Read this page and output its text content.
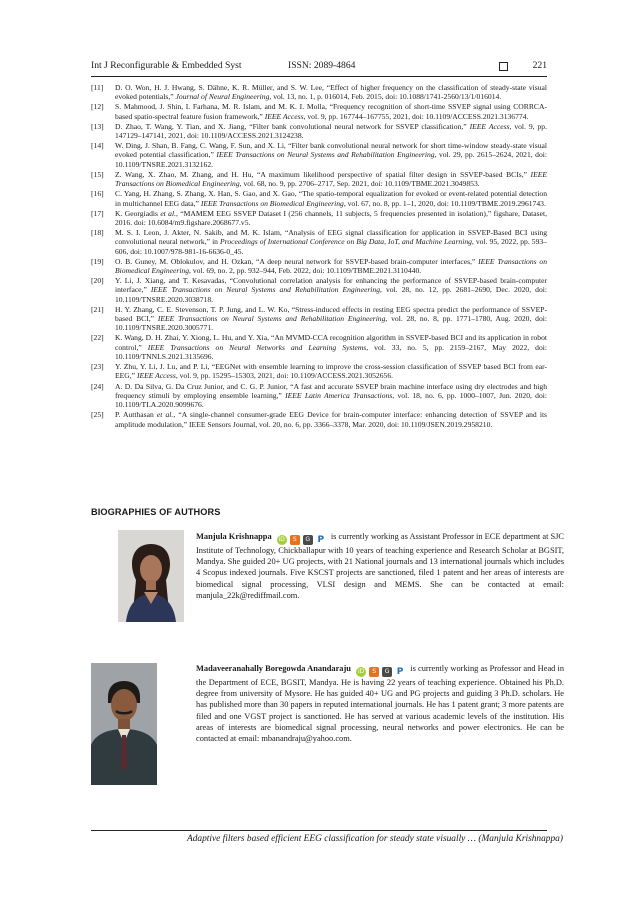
Int J Reconfigurable & Embedded Syst	ISSN: 2089-4864	221
[11] D. O. Won, H. J. Hwang, S. Dähne, K. R. Müller, and S. W. Lee, “Effect of higher frequency on the classification of steady-state visual evoked potentials,” Journal of Neural Engineering, vol. 13, no. 1, p. 016014, Feb. 2015, doi: 10.1088/1741-2560/13/1/016014.
[12] S. Mahmood, J. Shin, I. Farhana, M. R. Islam, and M. K. I. Molla, “Frequency recognition of short-time SSVEP signal using CORRCA-based spatio-spectral feature fusion framework,” IEEE Access, vol. 9, pp. 167744–167755, 2021, doi: 10.1109/ACCESS.2021.3136774.
[13] D. Zhao, T. Wang, Y. Tian, and X. Jiang, “Filter bank convolutional neural network for SSVEP classification,” IEEE Access, vol. 9, pp. 147129–147141, 2021, doi: 10.1109/ACCESS.2021.3124238.
[14] W. Ding, J. Shan, B. Fang, C. Wang, F. Sun, and X. Li, “Filter bank convolutional neural network for short time-window steady-state visual evoked potential classification,” IEEE Transactions on Neural Systems and Rehabilitation Engineering, vol. 29, pp. 2615–2624, 2021, doi: 10.1109/TNSRE.2021.3132162.
[15] Z. Wang, X. Zhao, M. Zhang, and H. Hu, “A maximum likelihood perspective of spatial filter design in SSVEP-based BCIs,” IEEE Transactions on Biomedical Engineering, vol. 68, no. 9, pp. 2706–2717, Sep. 2021, doi: 10.1109/TBME.2021.3049853.
[16] C. Yang, H. Zhang, S. Zhang, X. Han, S. Gao, and X. Gao, “The spatio-temporal equalization for evoked or event-related potential detection in multichannel EEG data,” IEEE Transactions on Biomedical Engineering, vol. 67, no. 8, pp. 1–1, 2020, doi: 10.1109/TBME.2019.2961743.
[17] K. Georgiadis et al., “MAMEM EEG SSVEP Dataset I (256 channels, 11 subjects, 5 frequencies presented in isolation),” figshare, Dataset, 2016. doi: 10.6084/m9.figshare.2068677.v5.
[18] M. S. I. Leon, J. Akter, N. Sakib, and M. K. Islam, “Analysis of EEG signal classification for application in SSVEP-Based BCI using convolutional neural network,” in Proceedings of International Conference on Big Data, IoT, and Machine Learning, vol. 95, 2022, pp. 593–606, doi: 10.1007/978-981-16-6636-0_45.
[19] O. B. Guney, M. Oblokulov, and H. Ozkan, “A deep neural network for SSVEP-based brain-computer interfaces,” IEEE Transactions on Biomedical Engineering, vol. 69, no. 2, pp. 932–944, Feb. 2022, doi: 10.1109/TBME.2021.3110440.
[20] Y. Li, J. Xiang, and T. Kesavadas, “Convolutional correlation analysis for enhancing the performance of SSVEP-based brain-computer interface,” IEEE Transactions on Neural Systems and Rehabilitation Engineering, vol. 28, no. 12, pp. 2681–2690, Dec. 2020, doi: 10.1109/TNSRE.2020.3038718.
[21] H. Y. Zhang, C. E. Stevenson, T. P. Jung, and L. W. Ko, “Stress-induced effects in resting EEG spectra predict the performance of SSVEP-based BCI,” IEEE Transactions on Neural Systems and Rehabilitation Engineering, vol. 28, no. 8, pp. 1771–1780, Aug. 2020, doi: 10.1109/TNSRE.2020.3005771.
[22] K. Wang, D. H. Zhai, Y. Xiong, L. Hu, and Y. Xia, “An MVMD-CCA recognition algorithm in SSVEP-based BCI and its application in robot control,” IEEE Transactions on Neural Networks and Learning Systems, vol. 33, no. 5, pp. 2159–2167, May 2022, doi: 10.1109/TNNLS.2021.3135696.
[23] Y. Zhu, Y. Li, J. Lu, and P. Li, “EEGNet with ensemble learning to improve the cross-session classification of SSVEP based BCI from ear-EEG,” IEEE Access, vol. 9, pp. 15295–15303, 2021, doi: 10.1109/ACCESS.2021.3052656.
[24] A. D. Da Silva, G. Da Cruz Junior, and C. G. P. Junior, “A fast and accurate SSVEP brain machine interface using dry electrodes and high frequency stimuli by employing ensemble learning,” IEEE Latin America Transactions, vol. 18, no. 6, pp. 1000–1007, Jun. 2020, doi: 10.1109/TLA.2020.9099676.
[25] P. Autthasan et al., “A single-channel consumer-grade EEG Device for brain-computer interface: enhancing detection of SSVEP and its amplitude modulation,” IEEE Sensors Journal, vol. 20, no. 6, pp. 3366–3378, Mar. 2020, doi: 10.1109/JSEN.2019.2958210.
BIOGRAPHIES OF AUTHORS
Manjula Krishnappa	iD	S	G P is currently working as Assistant Professor in ECE department at SJC Institute of Technology, Chickballapur with 10 years of teaching experience and Research Scholar at BGSIT, Mandya. She guided 20+ UG projects, with 21 National journals and 13 international journals which includes 4 Scopus indexed journals. Five KSCST projects are sanctioned, filed 1 patent and her areas of interests are biomedical signal processing, VLSI design and MEMS. She can be contacted at email: manjula_22k@rediffmail.com.
Madaveeranahally Boregowda Anandaraju	iD	S	G P is currently working as Professor and Head in the Department of ECE, BGSIT, Mandya. He is having 22 years of teaching experience. Obtained his Ph.D. degree from university of Mysore. He has guided 40+ UG and PG projects and guiding 3 Ph.D. scholars. He has published more than 30 papers in reputed international journals. He has 1 patent grant; 3 more patents are filed and one VGST project is sanctioned. He has served at various academic levels of the institution. His areas of interests are biomedical signal processing, neural networks and power electronics. He can be contacted at email: mbanandraju@yahoo.com.
Adaptive filters based efficient EEG classification for steady state visually … (Manjula Krishnappa)
